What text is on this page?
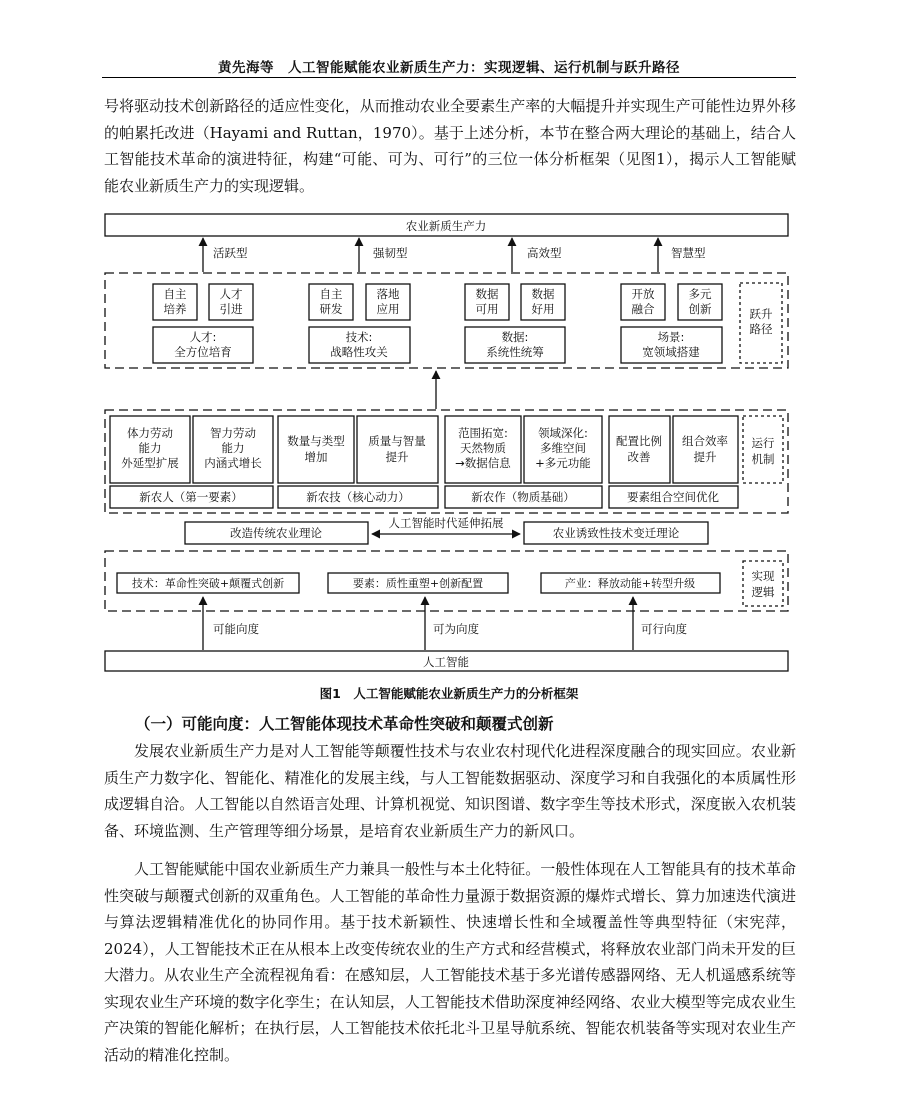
黄先海等　人工智能赋能农业新质生产力：实现逻辑、运行机制与跃升路径

号将驱动技术创新路径的适应性变化，从而推动农业全要素生产率的大幅提升并实现生产可能性边界外移的帕累托改进（Hayami and Ruttan，1970）。基于上述分析，本节在整合两大理论的基础上，结合人工智能技术革命的演进特征，构建“可能、可为、可行”的三位一体分析框架（见图1），揭示人工智能赋能农业新质生产力的实现逻辑。

农业新质生产力
活跃型	强韧型	高效型	智慧型
自主
培养
人才
引进
人才:
全方位培育
自主
研发
落地
应用
技术:
战略性攻关
数据
可用
数据
好用
数据:
系统性统筹
开放
融合
多元
创新
场景:
宽领域搭建
跃升
路径
体力劳动
能力
外延型扩展
智力劳动
能力
内涵式增长
数量与类型
增加
质量与智量
提升
范围拓宽:
天然物质
→数据信息
领域深化:
多维空间
+多元功能
配置比例
改善
组合效率
提升
新农人（第一要素）	新农技（核心动力）	新农作（物质基础）	要素组合空间优化
运行
机制
改造传统农业理论
人工智能时代延伸拓展
农业诱致性技术变迁理论
技术：革命性突破+颠覆式创新	要素：质性重塑+创新配置	产业：释放动能+转型升级
实现
逻辑
可能向度	可为向度	可行向度
人工智能
图1　人工智能赋能农业新质生产力的分析框架
（一）可能向度：人工智能体现技术革命性突破和颠覆式创新

发展农业新质生产力是对人工智能等颠覆性技术与农业农村现代化进程深度融合的现实回应。农业新质生产力数字化、智能化、精准化的发展主线，与人工智能数据驱动、深度学习和自我强化的本质属性形成逻辑自洽。人工智能以自然语言处理、计算机视觉、知识图谱、数字孪生等技术形式，深度嵌入农机装备、环境监测、生产管理等细分场景，是培育农业新质生产力的新风口。

人工智能赋能中国农业新质生产力兼具一般性与本土化特征。一般性体现在人工智能具有的技术革命性突破与颠覆式创新的双重角色。人工智能的革命性力量源于数据资源的爆炸式增长、算力加速迭代演进与算法逻辑精准优化的协同作用。基于技术新颖性、快速增长性和全域覆盖性等典型特征（宋宪萍，2024），人工智能技术正在从根本上改变传统农业的生产方式和经营模式，将释放农业部门尚未开发的巨大潜力。从农业生产全流程视角看：在感知层，人工智能技术基于多光谱传感器网络、无人机遥感系统等实现农业生产环境的数字化孪生；在认知层，人工智能技术借助深度神经网络、农业大模型等完成农业生产决策的智能化解析；在执行层，人工智能技术依托北斗卫星导航系统、智能农机装备等实现对农业生产活动的精准化控制。
